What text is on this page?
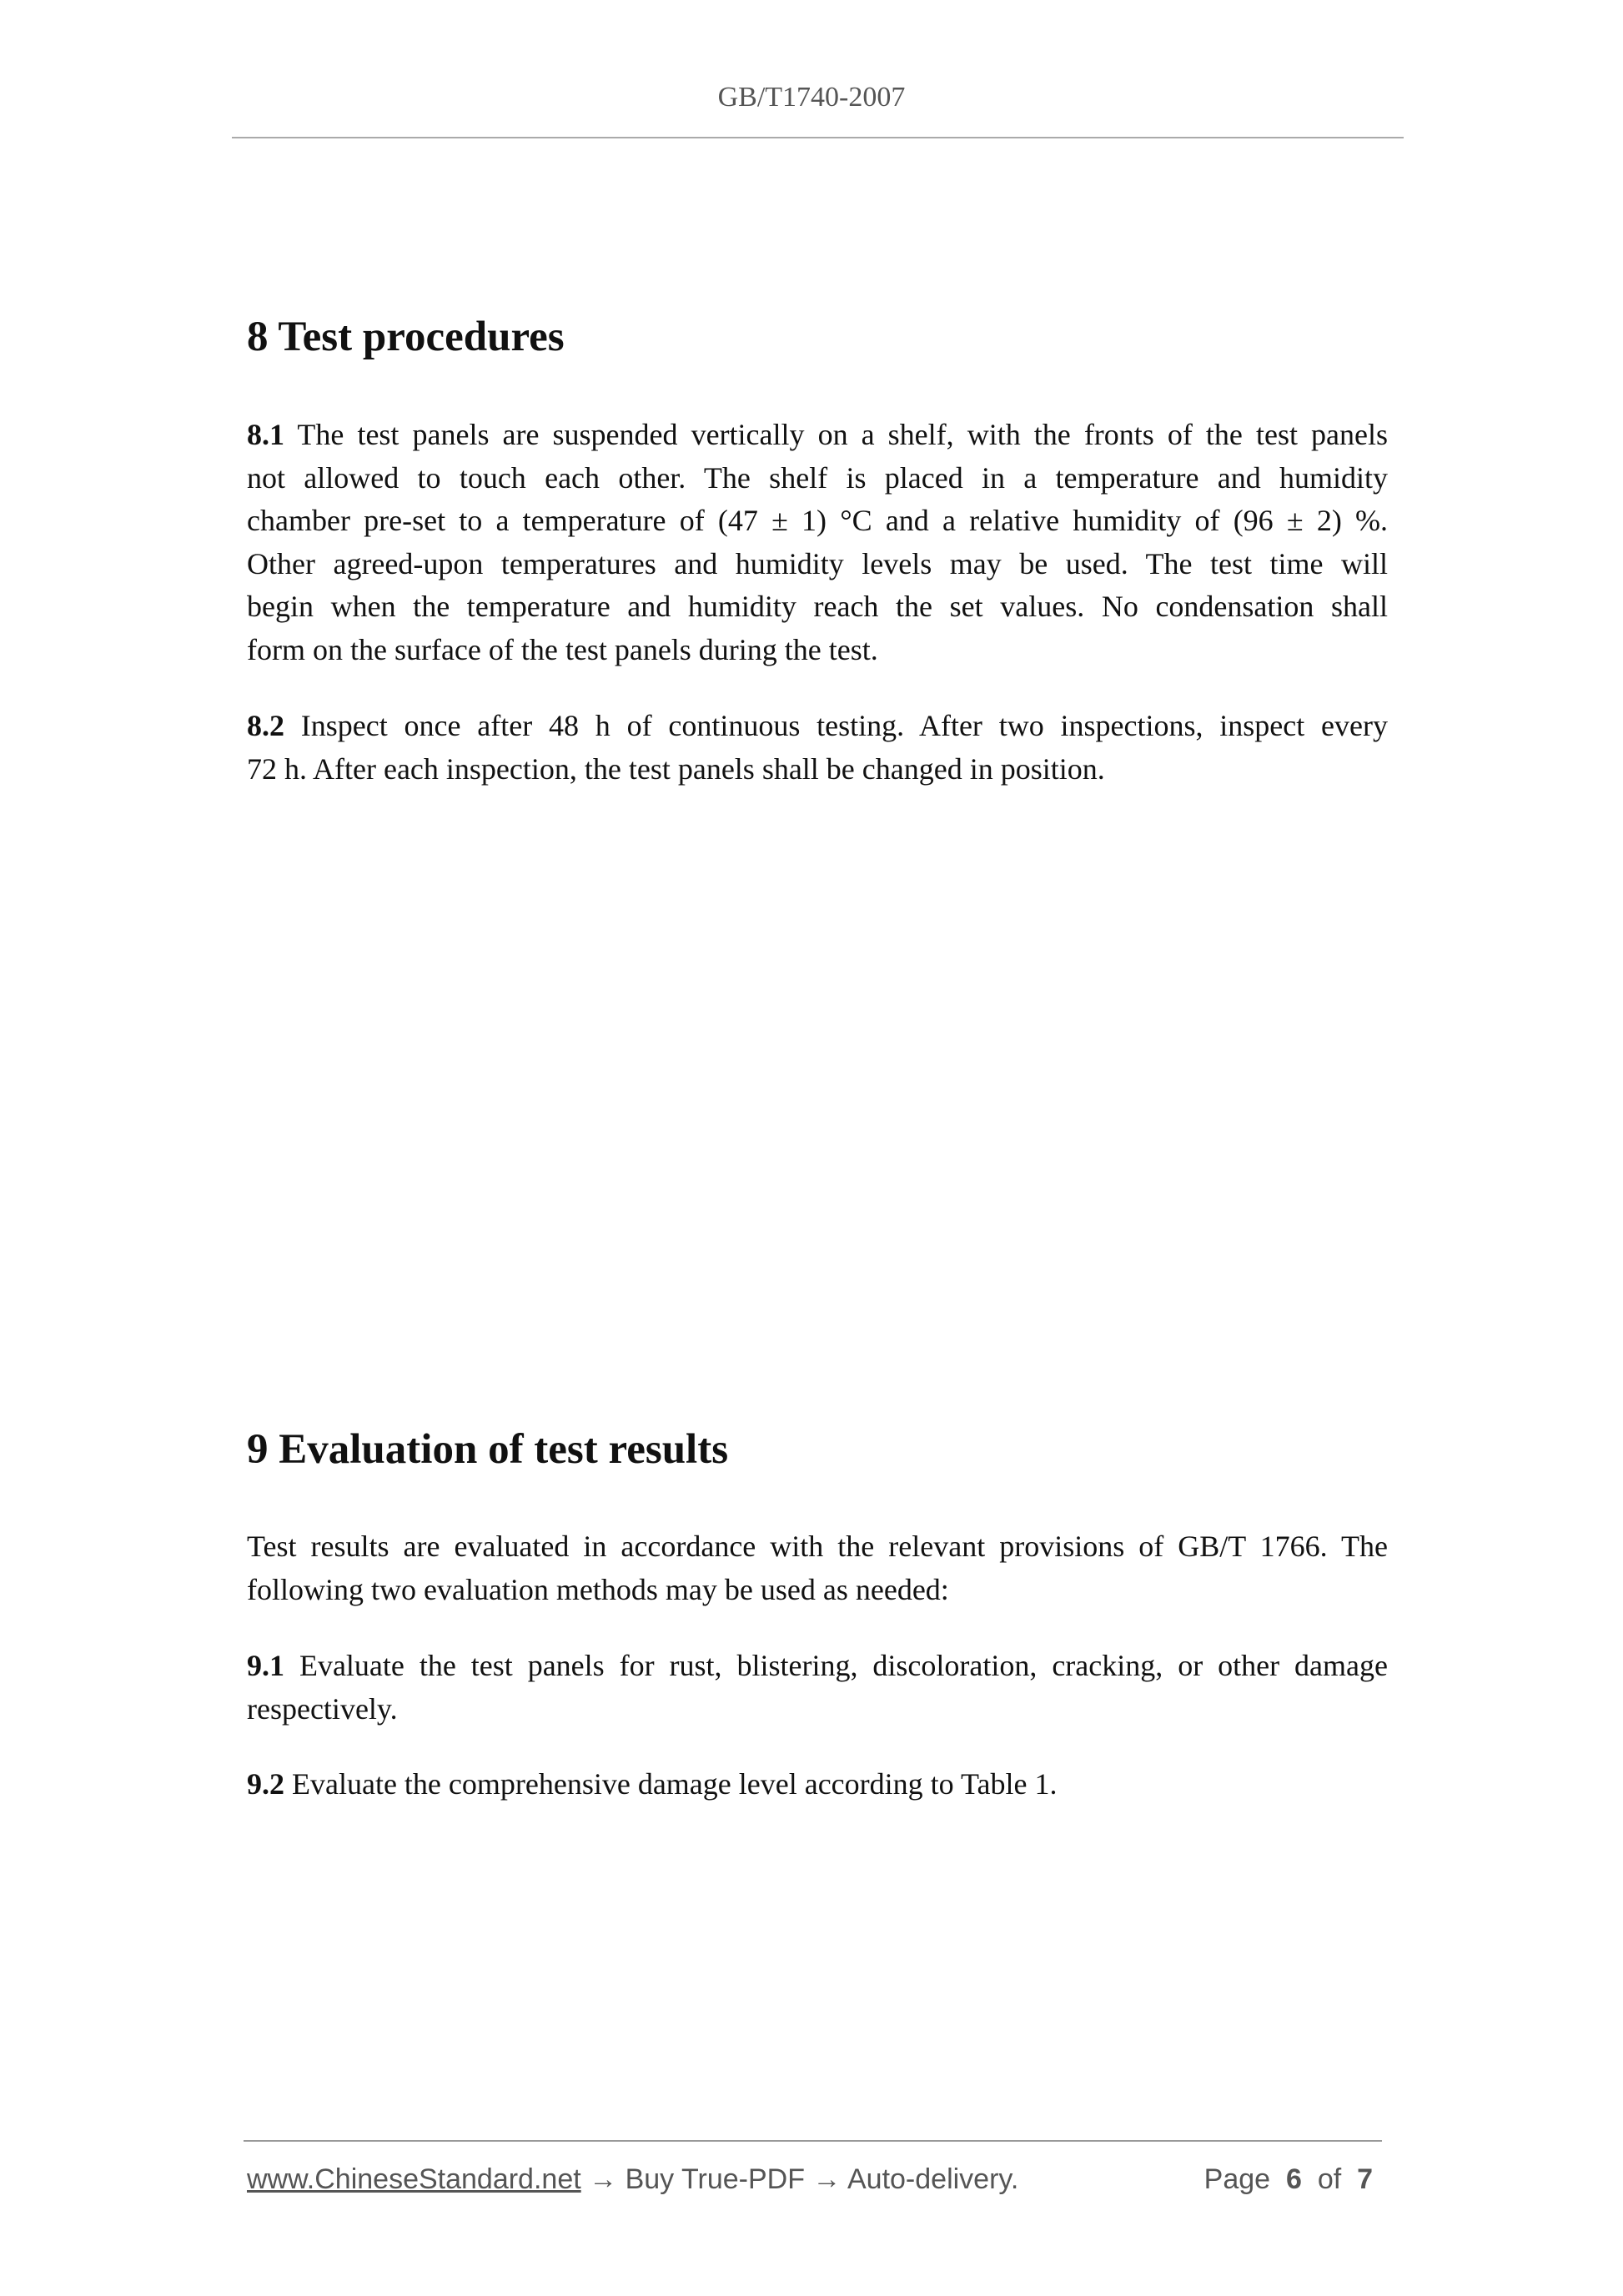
GB/T1740-2007
8 Test procedures
8.1 The test panels are suspended vertically on a shelf, with the fronts of the test panels
not allowed to touch each other. The shelf is placed in a temperature and humidity
chamber pre-set to a temperature of (47 ± 1) °C and a relative humidity of (96 ± 2) %.
Other agreed-upon temperatures and humidity levels may be used. The test time will
begin when the temperature and humidity reach the set values. No condensation shall
form on the surface of the test panels during the test.
8.2 Inspect once after 48 h of continuous testing. After two inspections, inspect every
72 h. After each inspection, the test panels shall be changed in position.
9 Evaluation of test results
Test results are evaluated in accordance with the relevant provisions of GB/T 1766. The
following two evaluation methods may be used as needed:
9.1 Evaluate the test panels for rust, blistering, discoloration, cracking, or other damage
respectively.
9.2 Evaluate the comprehensive damage level according to Table 1.
www.ChineseStandard.net → Buy True-PDF → Auto-delivery.	Page 6 of 7
